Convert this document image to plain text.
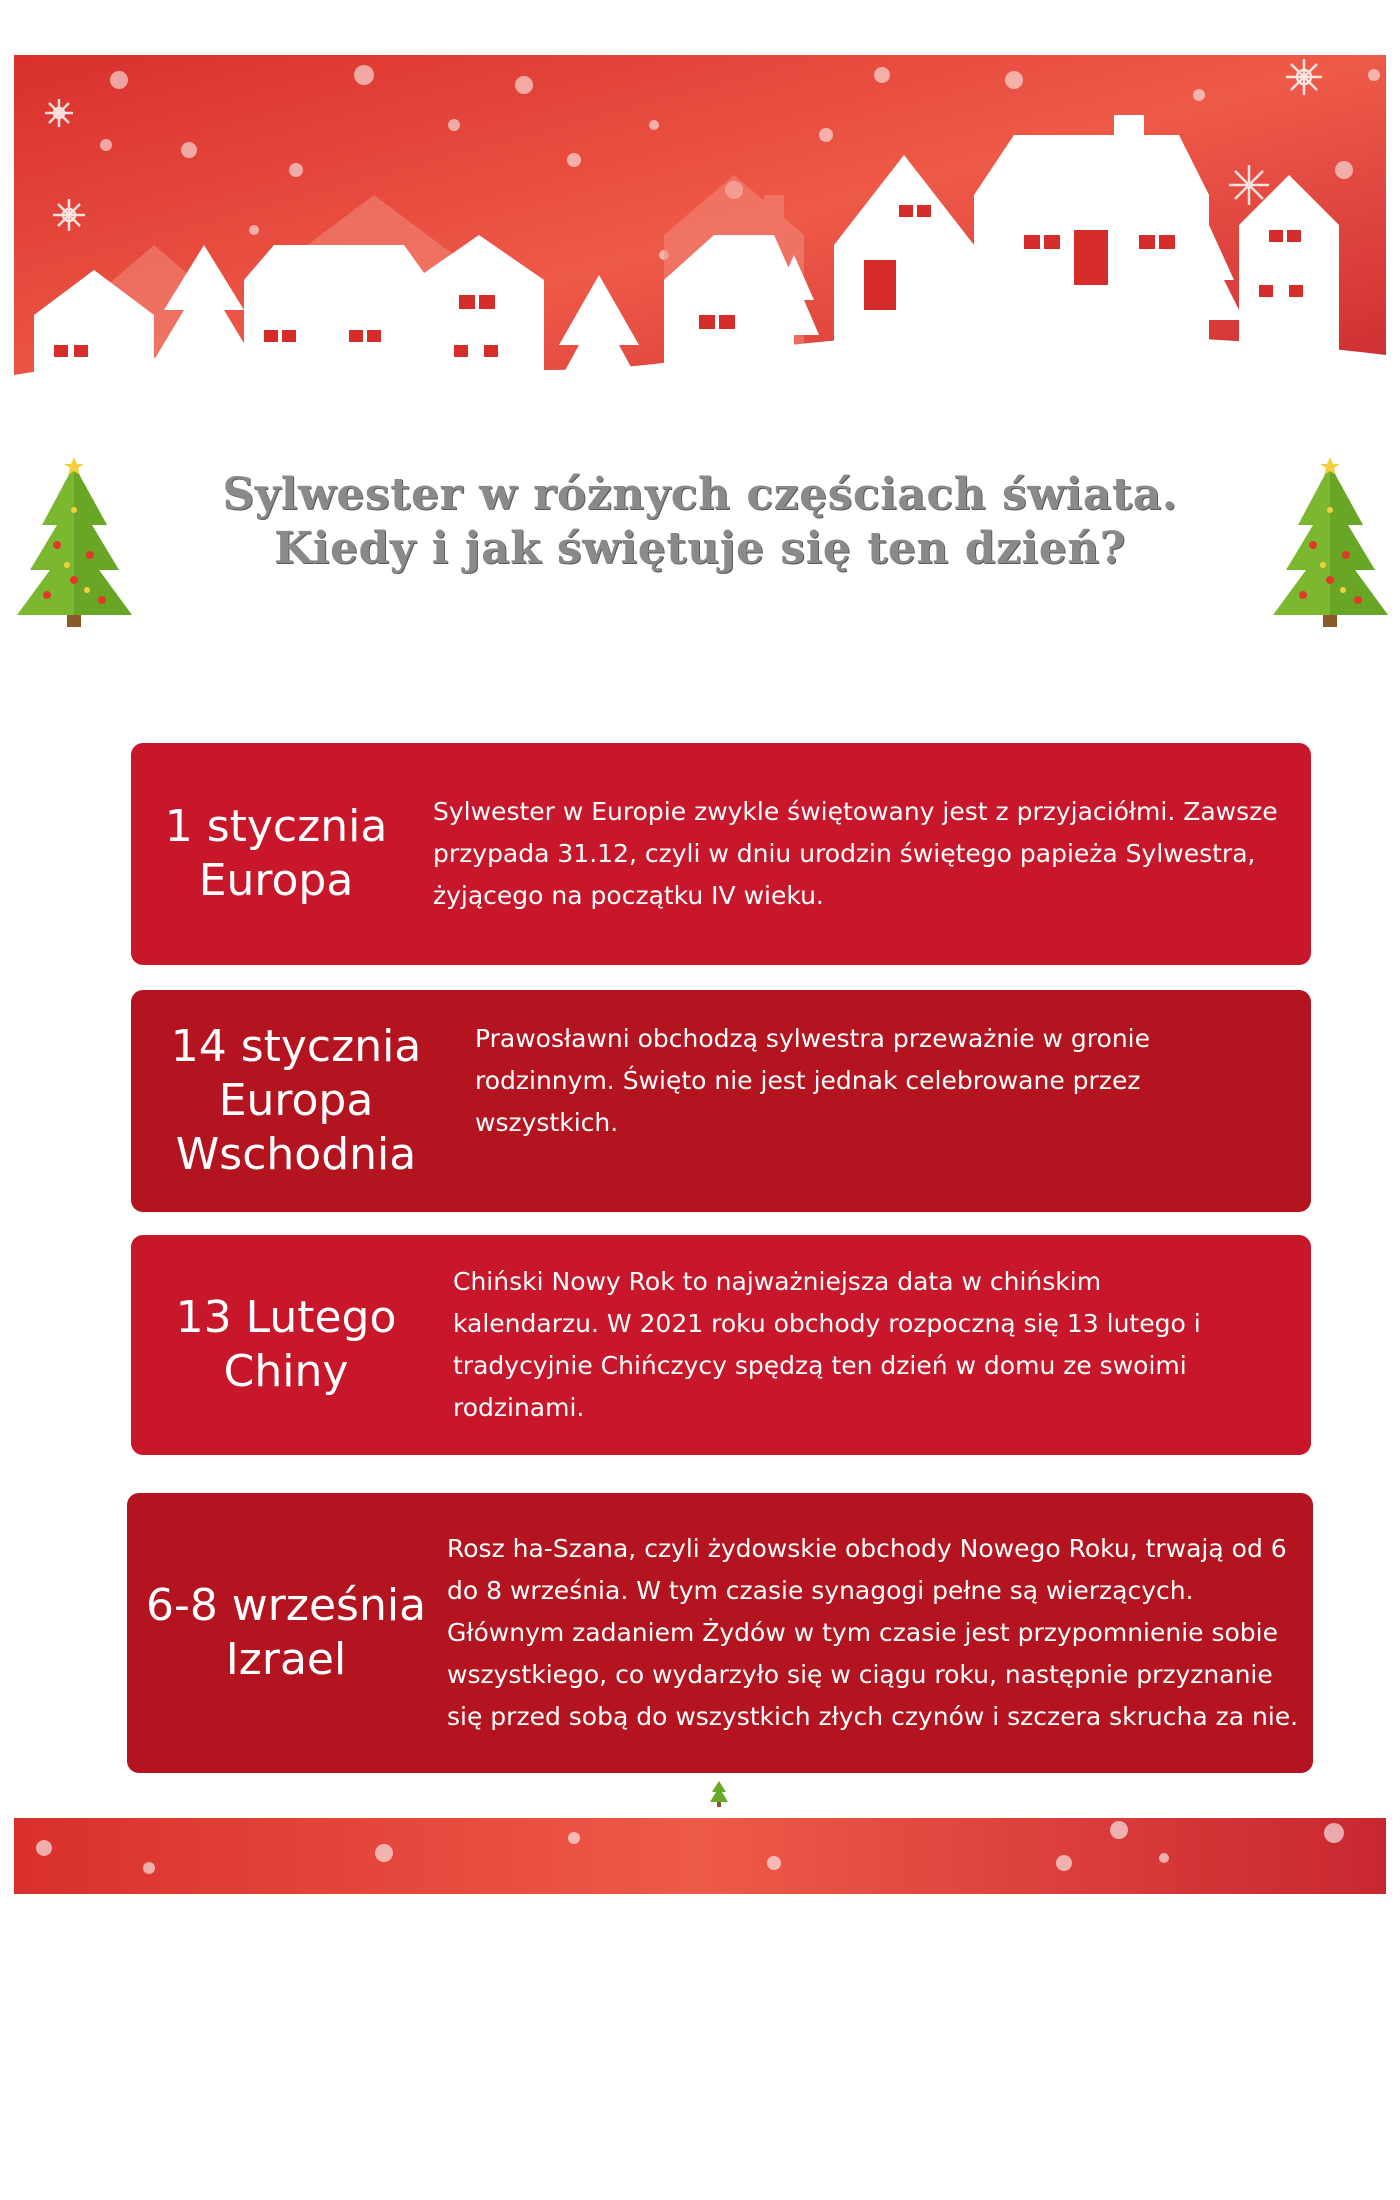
Sylwester w różnych częściach świata.
Kiedy i jak świętuje się ten dzień?
1 stycznia
Europa
Sylwester w Europie zwykle świętowany jest z przyjaciółmi. Zawsze przypada 31.12, czyli w dniu urodzin świętego papieża Sylwestra, żyjącego na początku IV wieku.
14 stycznia
Europa
Wschodnia
Prawosławni obchodzą sylwestra przeważnie w gronie rodzinnym. Święto nie jest jednak celebrowane przez wszystkich.
13 Lutego
Chiny
Chiński Nowy Rok to najważniejsza data w chińskim kalendarzu. W 2021 roku obchody rozpoczną się 13 lutego i tradycyjnie Chińczycy spędzą ten dzień w domu ze swoimi rodzinami.
6-8 września
Izrael
Rosz ha-Szana, czyli żydowskie obchody Nowego Roku, trwają od 6 do 8 września. W tym czasie synagogi pełne są wierzących. Głównym zadaniem Żydów w tym czasie jest przypomnienie sobie wszystkiego, co wydarzyło się w ciągu roku, następnie przyznanie się przed sobą do wszystkich złych czynów i szczera skrucha za nie.
